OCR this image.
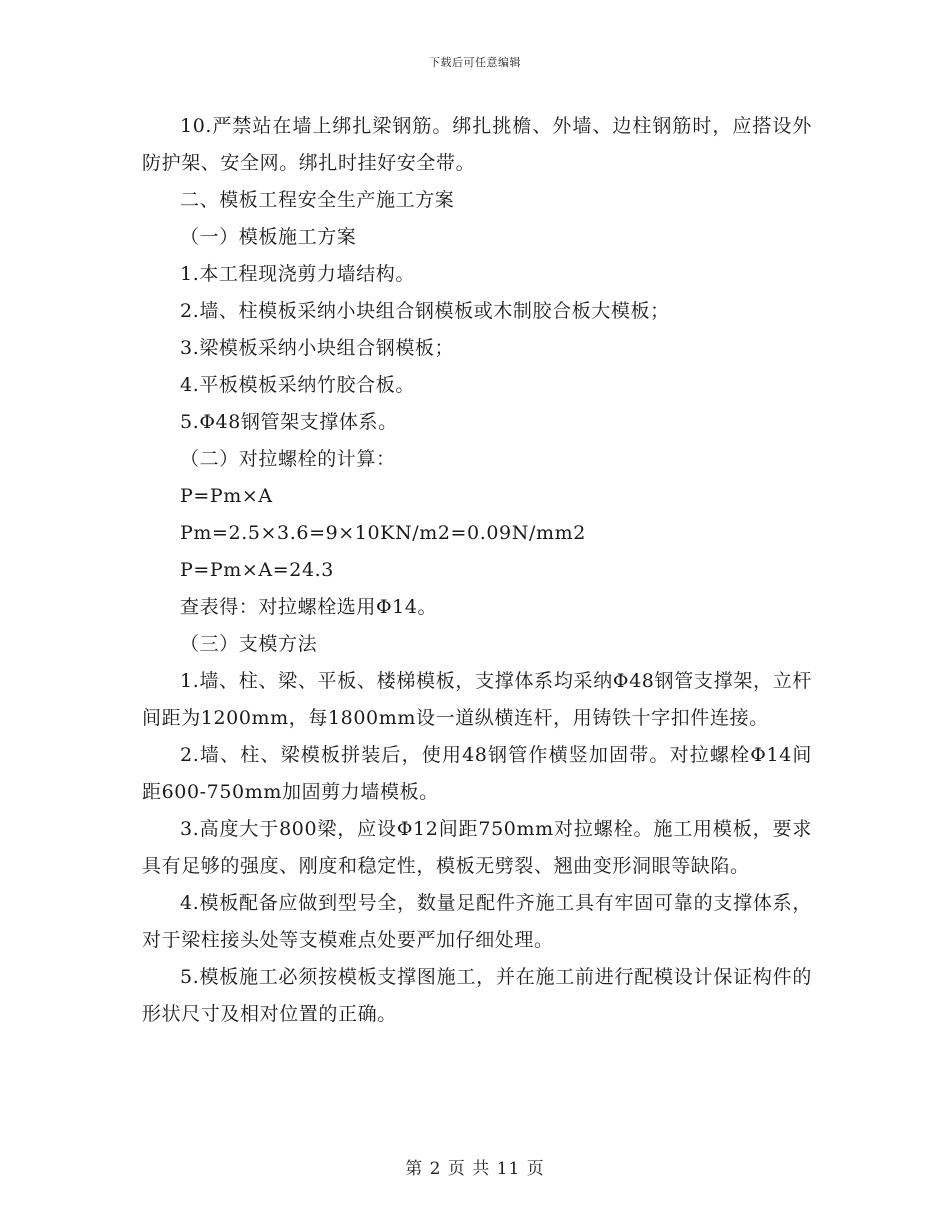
下载后可任意编辑

10.严禁站在墙上绑扎梁钢筋。绑扎挑檐、外墙、边柱钢筋时，应搭设外防护架、安全网。绑扎时挂好安全带。

二、模板工程安全生产施工方案

（一）模板施工方案

1.本工程现浇剪力墙结构。

2.墙、柱模板采纳小块组合钢模板或木制胶合板大模板；

3.梁模板采纳小块组合钢模板；

4.平板模板采纳竹胶合板。

5.Φ48钢管架支撑体系。

（二）对拉螺栓的计算：

P=Pm×A

Pm=2.5×3.6=9×10KN/m2=0.09N/mm2

P=Pm×A=24.3

查表得：对拉螺栓选用Φ14。

（三）支模方法

1.墙、柱、梁、平板、楼梯模板，支撑体系均采纳Φ48钢管支撑架，立杆间距为1200mm，每1800mm设一道纵横连杆，用铸铁十字扣件连接。

2.墙、柱、梁模板拼装后，使用48钢管作横竖加固带。对拉螺栓Φ14间距600-750mm加固剪力墙模板。

3.高度大于800梁，应设Φ12间距750mm对拉螺栓。施工用模板，要求具有足够的强度、刚度和稳定性，模板无劈裂、翘曲变形洞眼等缺陷。

4.模板配备应做到型号全，数量足配件齐施工具有牢固可靠的支撑体系，对于梁柱接头处等支模难点处要严加仔细处理。

5.模板施工必须按模板支撑图施工，并在施工前进行配模设计保证构件的形状尺寸及相对位置的正确。

第 2 页 共 11 页
